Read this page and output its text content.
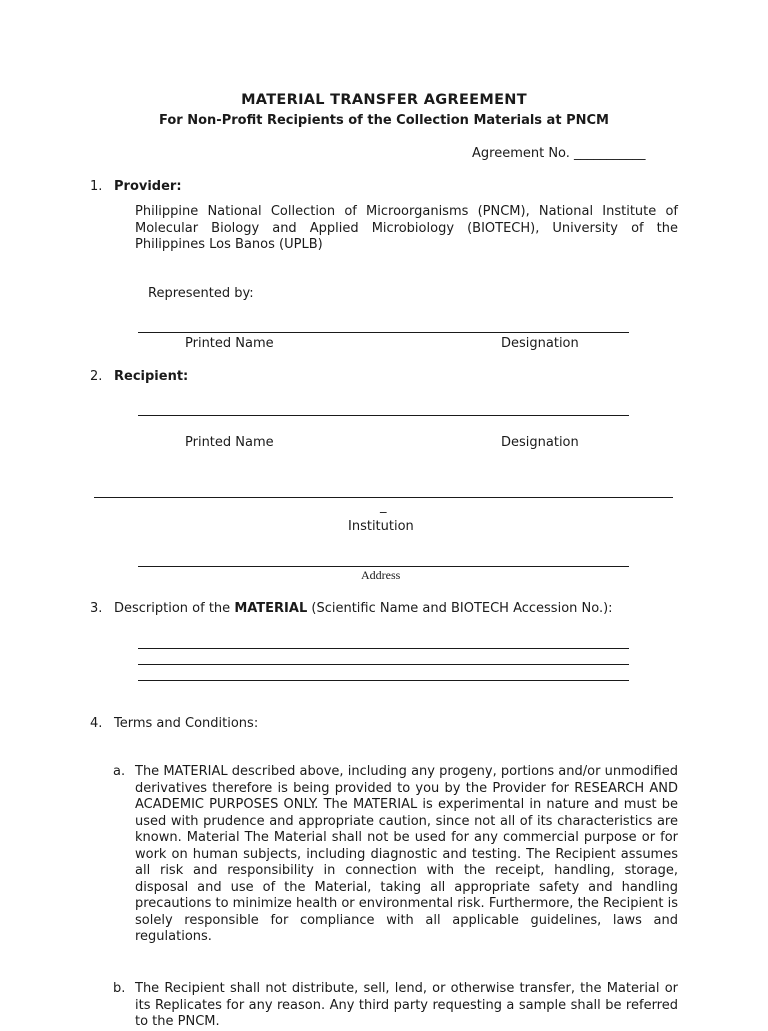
MATERIAL TRANSFER AGREEMENT
For Non-Profit Recipients of the Collection Materials at PNCM
Agreement No. ___________
1. Provider:
Philippine National Collection of Microorganisms (PNCM), National Institute of Molecular Biology and Applied Microbiology (BIOTECH), University of the Philippines Los Banos (UPLB)
Represented by:
Printed Name	Designation
2. Recipient:
Printed Name	Designation
_
Institution
Address
3. Description of the MATERIAL (Scientific Name and BIOTECH Accession No.):
4. Terms and Conditions:
a. The MATERIAL described above, including any progeny, portions and/or unmodified derivatives therefore is being provided to you by the Provider for RESEARCH AND ACADEMIC PURPOSES ONLY. The MATERIAL is experimental in nature and must be used with prudence and appropriate caution, since not all of its characteristics are known. Material The Material shall not be used for any commercial purpose or for work on human subjects, including diagnostic and testing. The Recipient assumes all risk and responsibility in connection with the receipt, handling, storage, disposal and use of the Material, taking all appropriate safety and handling precautions to minimize health or environmental risk. Furthermore, the Recipient is solely responsible for compliance with all applicable guidelines, laws and regulations.
b. The Recipient shall not distribute, sell, lend, or otherwise transfer, the Material or its Replicates for any reason. Any third party requesting a sample shall be referred to the PNCM.
